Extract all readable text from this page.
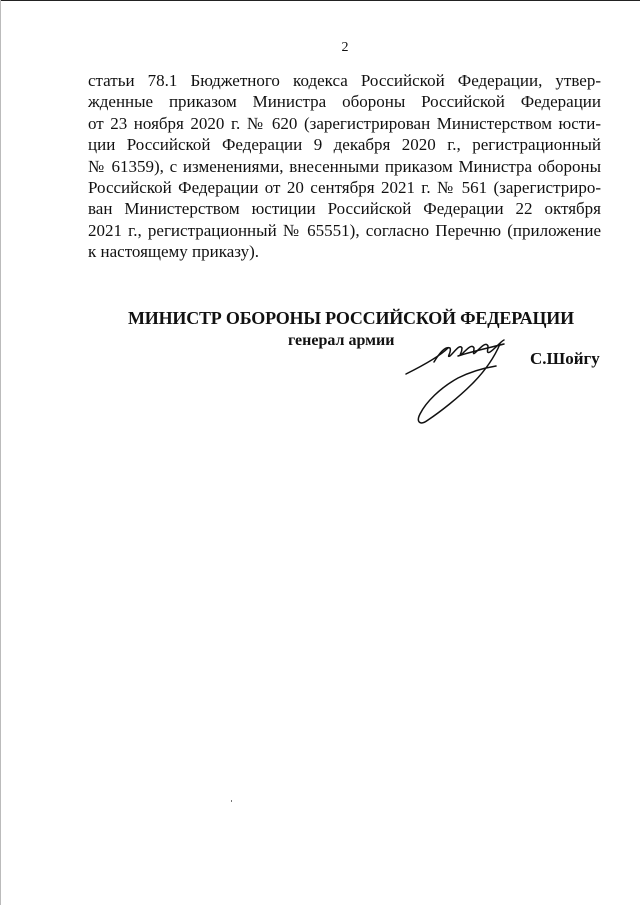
2
статьи 78.1 Бюджетного кодекса Российской Федерации, утвер-
жденные приказом Министра обороны Российской Федерации
от 23 ноября 2020 г. № 620 (зарегистрирован Министерством юсти-
ции Российской Федерации 9 декабря 2020 г., регистрационный
№ 61359), с изменениями, внесенными приказом Министра обороны
Российской Федерации от 20 сентября 2021 г. № 561 (зарегистриро-
ван Министерством юстиции Российской Федерации 22 октября
2021 г., регистрационный № 65551), согласно Перечню (приложение
к настоящему приказу).
МИНИСТР ОБОРОНЫ РОССИЙСКОЙ ФЕДЕРАЦИИ
генерал армии
С.Шойгу
